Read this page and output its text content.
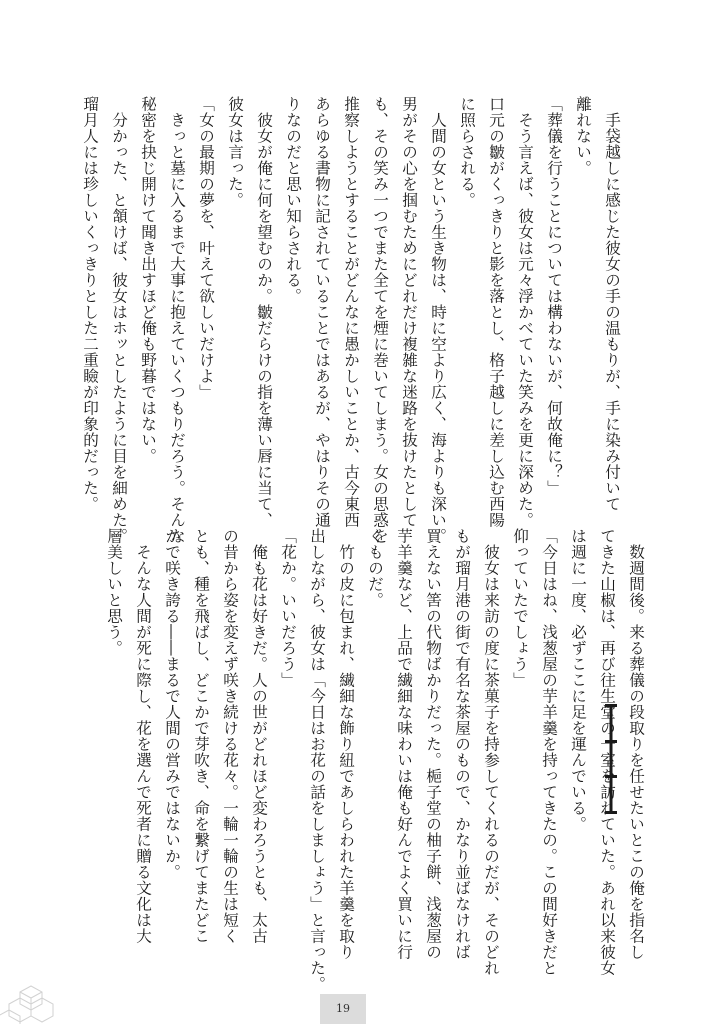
　手袋越しに感じた彼女の手の温もりが、手に染み付いて
離れない。
「葬儀を行うことについては構わないが、何故俺に？」
　そう言えば、彼女は元々浮かべていた笑みを更に深めた。
口元の皺がくっきりと影を落とし、格子越しに差し込む西陽
に照らされる。
　人間の女という生き物は、時に空より広く、海よりも深い。
男がその心を掴むためにどれだけ複雑な迷路を抜けたとして
も、その笑み一つでまた全てを煙に巻いてしまう。女の思惑を
推察しようとすることがどんなに愚かしいことか、古今東西
あらゆる書物に記されていることではあるが、やはりその通
りなのだと思い知らされる。
　彼女が俺に何を望むのか。皺だらけの指を薄い唇に当て、
彼女は言った。
「女の最期の夢を、叶えて欲しいだけよ」
　きっと墓に入るまで大事に抱えていくつもりだろう。そんな
秘密を抉じ開けて聞き出すほど俺も野暮ではない。
　分かった、と頷けば、彼女はホッとしたように目を細めた。
瑠月人には珍しいくっきりとした二重瞼が印象的だった。
　数週間後。来る葬儀の段取りを任せたいとこの俺を指名し
てきた山椒は、再び往生堂の一室を訪れていた。あれ以来彼女
は週に一度、必ずここに足を運んでいる。
「今日はね、浅葱屋の芋羊羹を持ってきたの。この間好きだと
仰っていたでしょう」
　彼女は来訪の度に茶菓子を持参してくれるのだが、そのどれ
もが瑠月港の街で有名な茶屋のもので、かなり並ばなければ
買えない筈の代物ばかりだった。梔子堂の柚子餅、浅葱屋の
芋羊羹など、上品で繊細な味わいは俺も好んでよく買いに行
くものだ。
　竹の皮に包まれ、繊細な飾り紐であしらわれた羊羹を取り
出しながら、彼女は「今日はお花の話をしましょう」と言った。
「花か。いいだろう」
　俺も花は好きだ。人の世がどれほど変わろうとも、太古
の昔から姿を変えず咲き続ける花々。一輪一輪の生は短く
とも、種を飛ばし、どこかで芽吹き、命を繋げてまたどこ
かで咲き誇る――まるで人間の営みではないか。
　そんな人間が死に際し、花を選んで死者に贈る文化は大
層美しいと思う。
19
